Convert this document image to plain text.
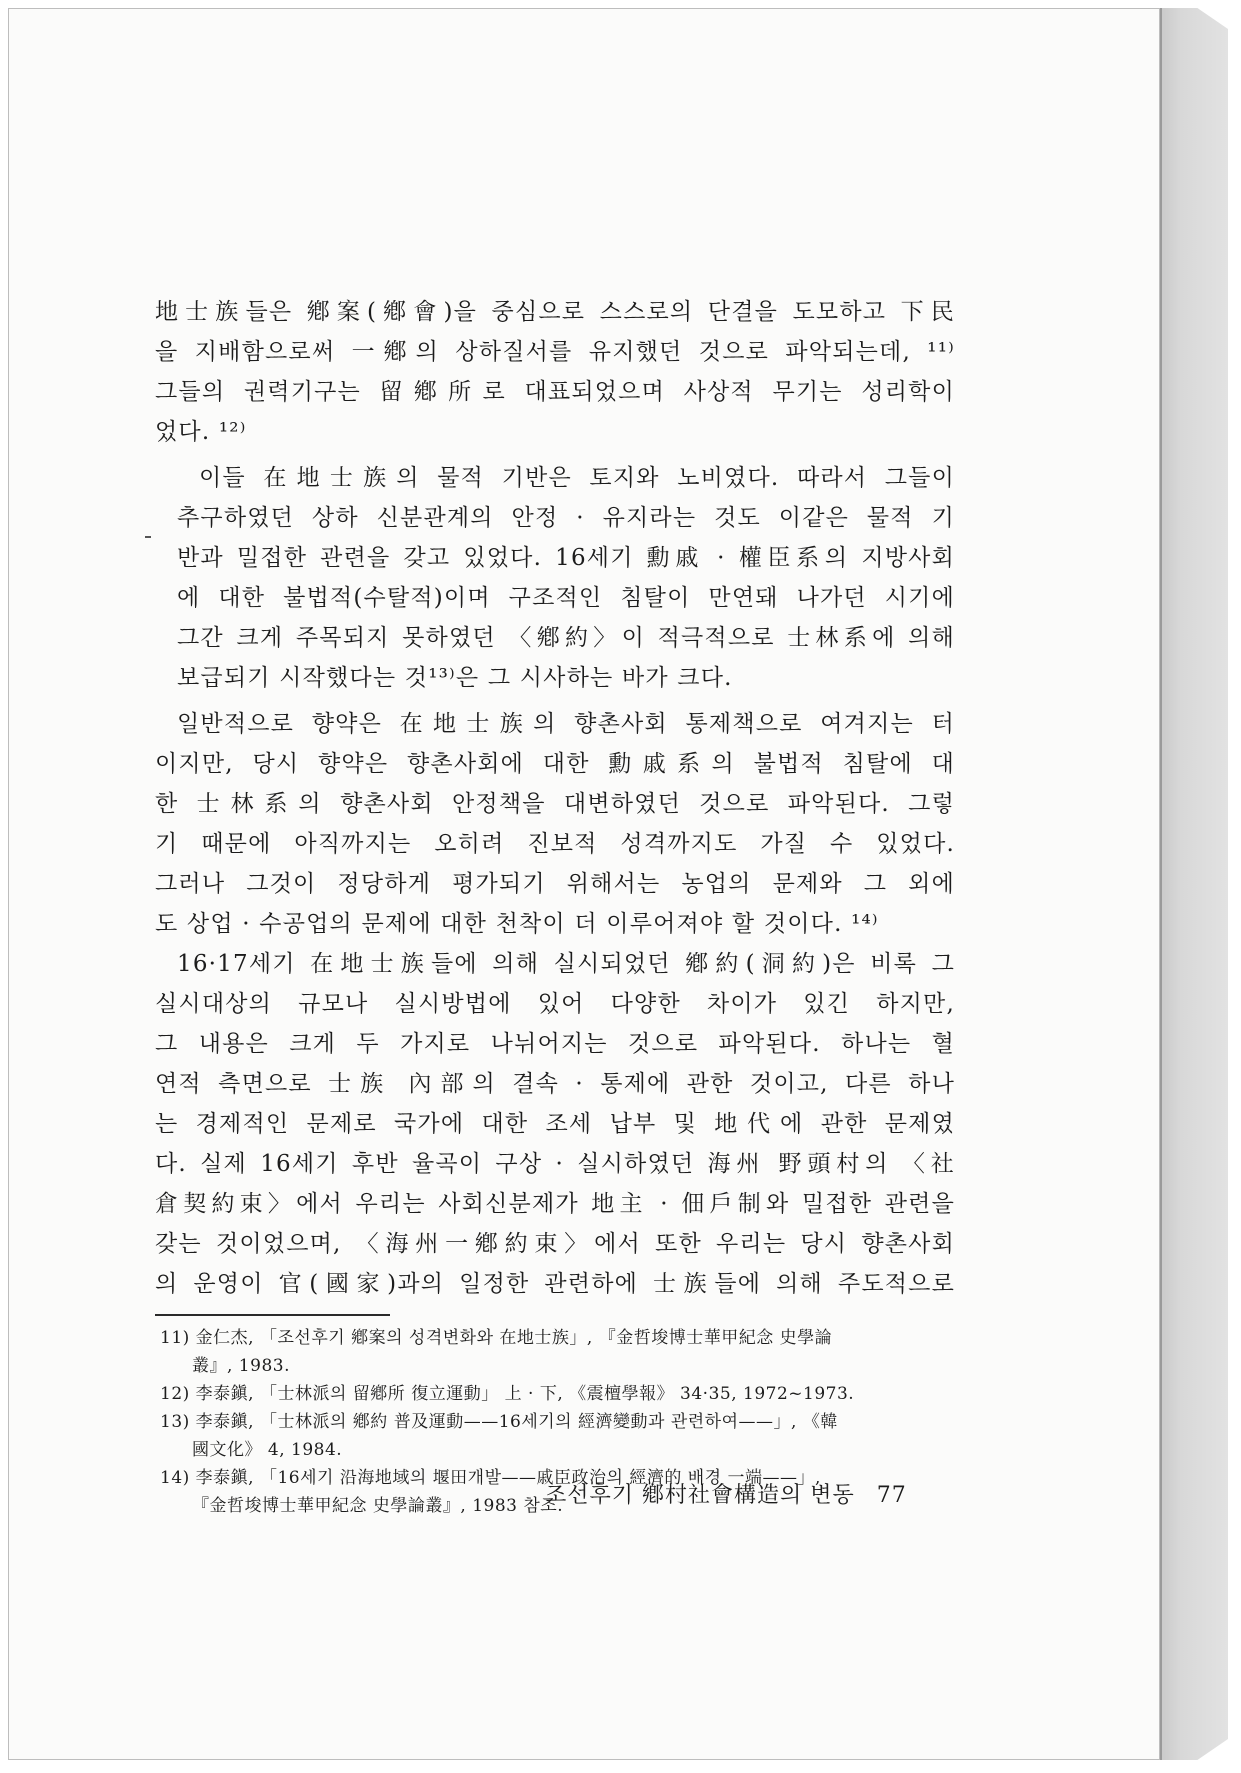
地士族들은 鄕案(鄕會)을 중심으로 스스로의 단결을 도모하고 下民
을 지배함으로써 一鄕의 상하질서를 유지했던 것으로 파악되는데, ¹¹⁾
그들의 권력기구는 留鄕所로 대표되었으며 사상적 무기는 성리학이
었다. ¹²⁾
이들 在地士族의 물적 기반은 토지와 노비였다. 따라서 그들이
추구하였던 상하 신분관계의 안정 · 유지라는 것도 이같은 물적 기
반과 밀접한 관련을 갖고 있었다. 16세기 勳戚 · 權臣系의 지방사회
에 대한 불법적(수탈적)이며 구조적인 침탈이 만연돼 나가던 시기에
그간 크게 주목되지 못하였던 〈鄕約〉이 적극적으로 士林系에 의해
보급되기 시작했다는 것¹³⁾은 그 시사하는 바가 크다.
일반적으로 향약은 在地士族의 향촌사회 통제책으로 여겨지는 터
이지만, 당시 향약은 향촌사회에 대한 勳戚系의 불법적 침탈에 대
한 士林系의 향촌사회 안정책을 대변하였던 것으로 파악된다. 그렇
기 때문에 아직까지는 오히려 진보적 성격까지도 가질 수 있었다.
그러나 그것이 정당하게 평가되기 위해서는 농업의 문제와 그 외에
도 상업 · 수공업의 문제에 대한 천착이 더 이루어져야 할 것이다. ¹⁴⁾
16·17세기 在地士族들에 의해 실시되었던 鄕約(洞約)은 비록 그
실시대상의 규모나 실시방법에 있어 다양한 차이가 있긴 하지만,
그 내용은 크게 두 가지로 나뉘어지는 것으로 파악된다. 하나는 혈
연적 측면으로 士族 內部의 결속 · 통제에 관한 것이고, 다른 하나
는 경제적인 문제로 국가에 대한 조세 납부 및 地代에 관한 문제였
다. 실제 16세기 후반 율곡이 구상 · 실시하였던 海州 野頭村의 〈社
倉契約束〉에서 우리는 사회신분제가 地主 · 佃戶制와 밀접한 관련을
갖는 것이었으며, 〈海州一鄕約束〉에서 또한 우리는 당시 향촌사회
의 운영이 官(國家)과의 일정한 관련하에 士族들에 의해 주도적으로
11) 金仁杰, 「조선후기 鄕案의 성격변화와 在地士族」, 『金哲埈博士華甲紀念 史學論
叢』, 1983.
12) 李泰鎭, 「士林派의 留鄕所 復立運動」 上 · 下, 《震檀學報》 34·35, 1972~1973.
13) 李泰鎭, 「士林派의 鄕約 普及運動——16세기의 經濟變動과 관련하여——」, 《韓
國文化》 4, 1984.
14) 李泰鎭, 「16세기 沿海地域의 堰田개발——戚臣政治의 經濟的 배경 一端——」,
『金哲埈博士華甲紀念 史學論叢』, 1983 참조.
조선후기 鄕村社會構造의 변동 77
